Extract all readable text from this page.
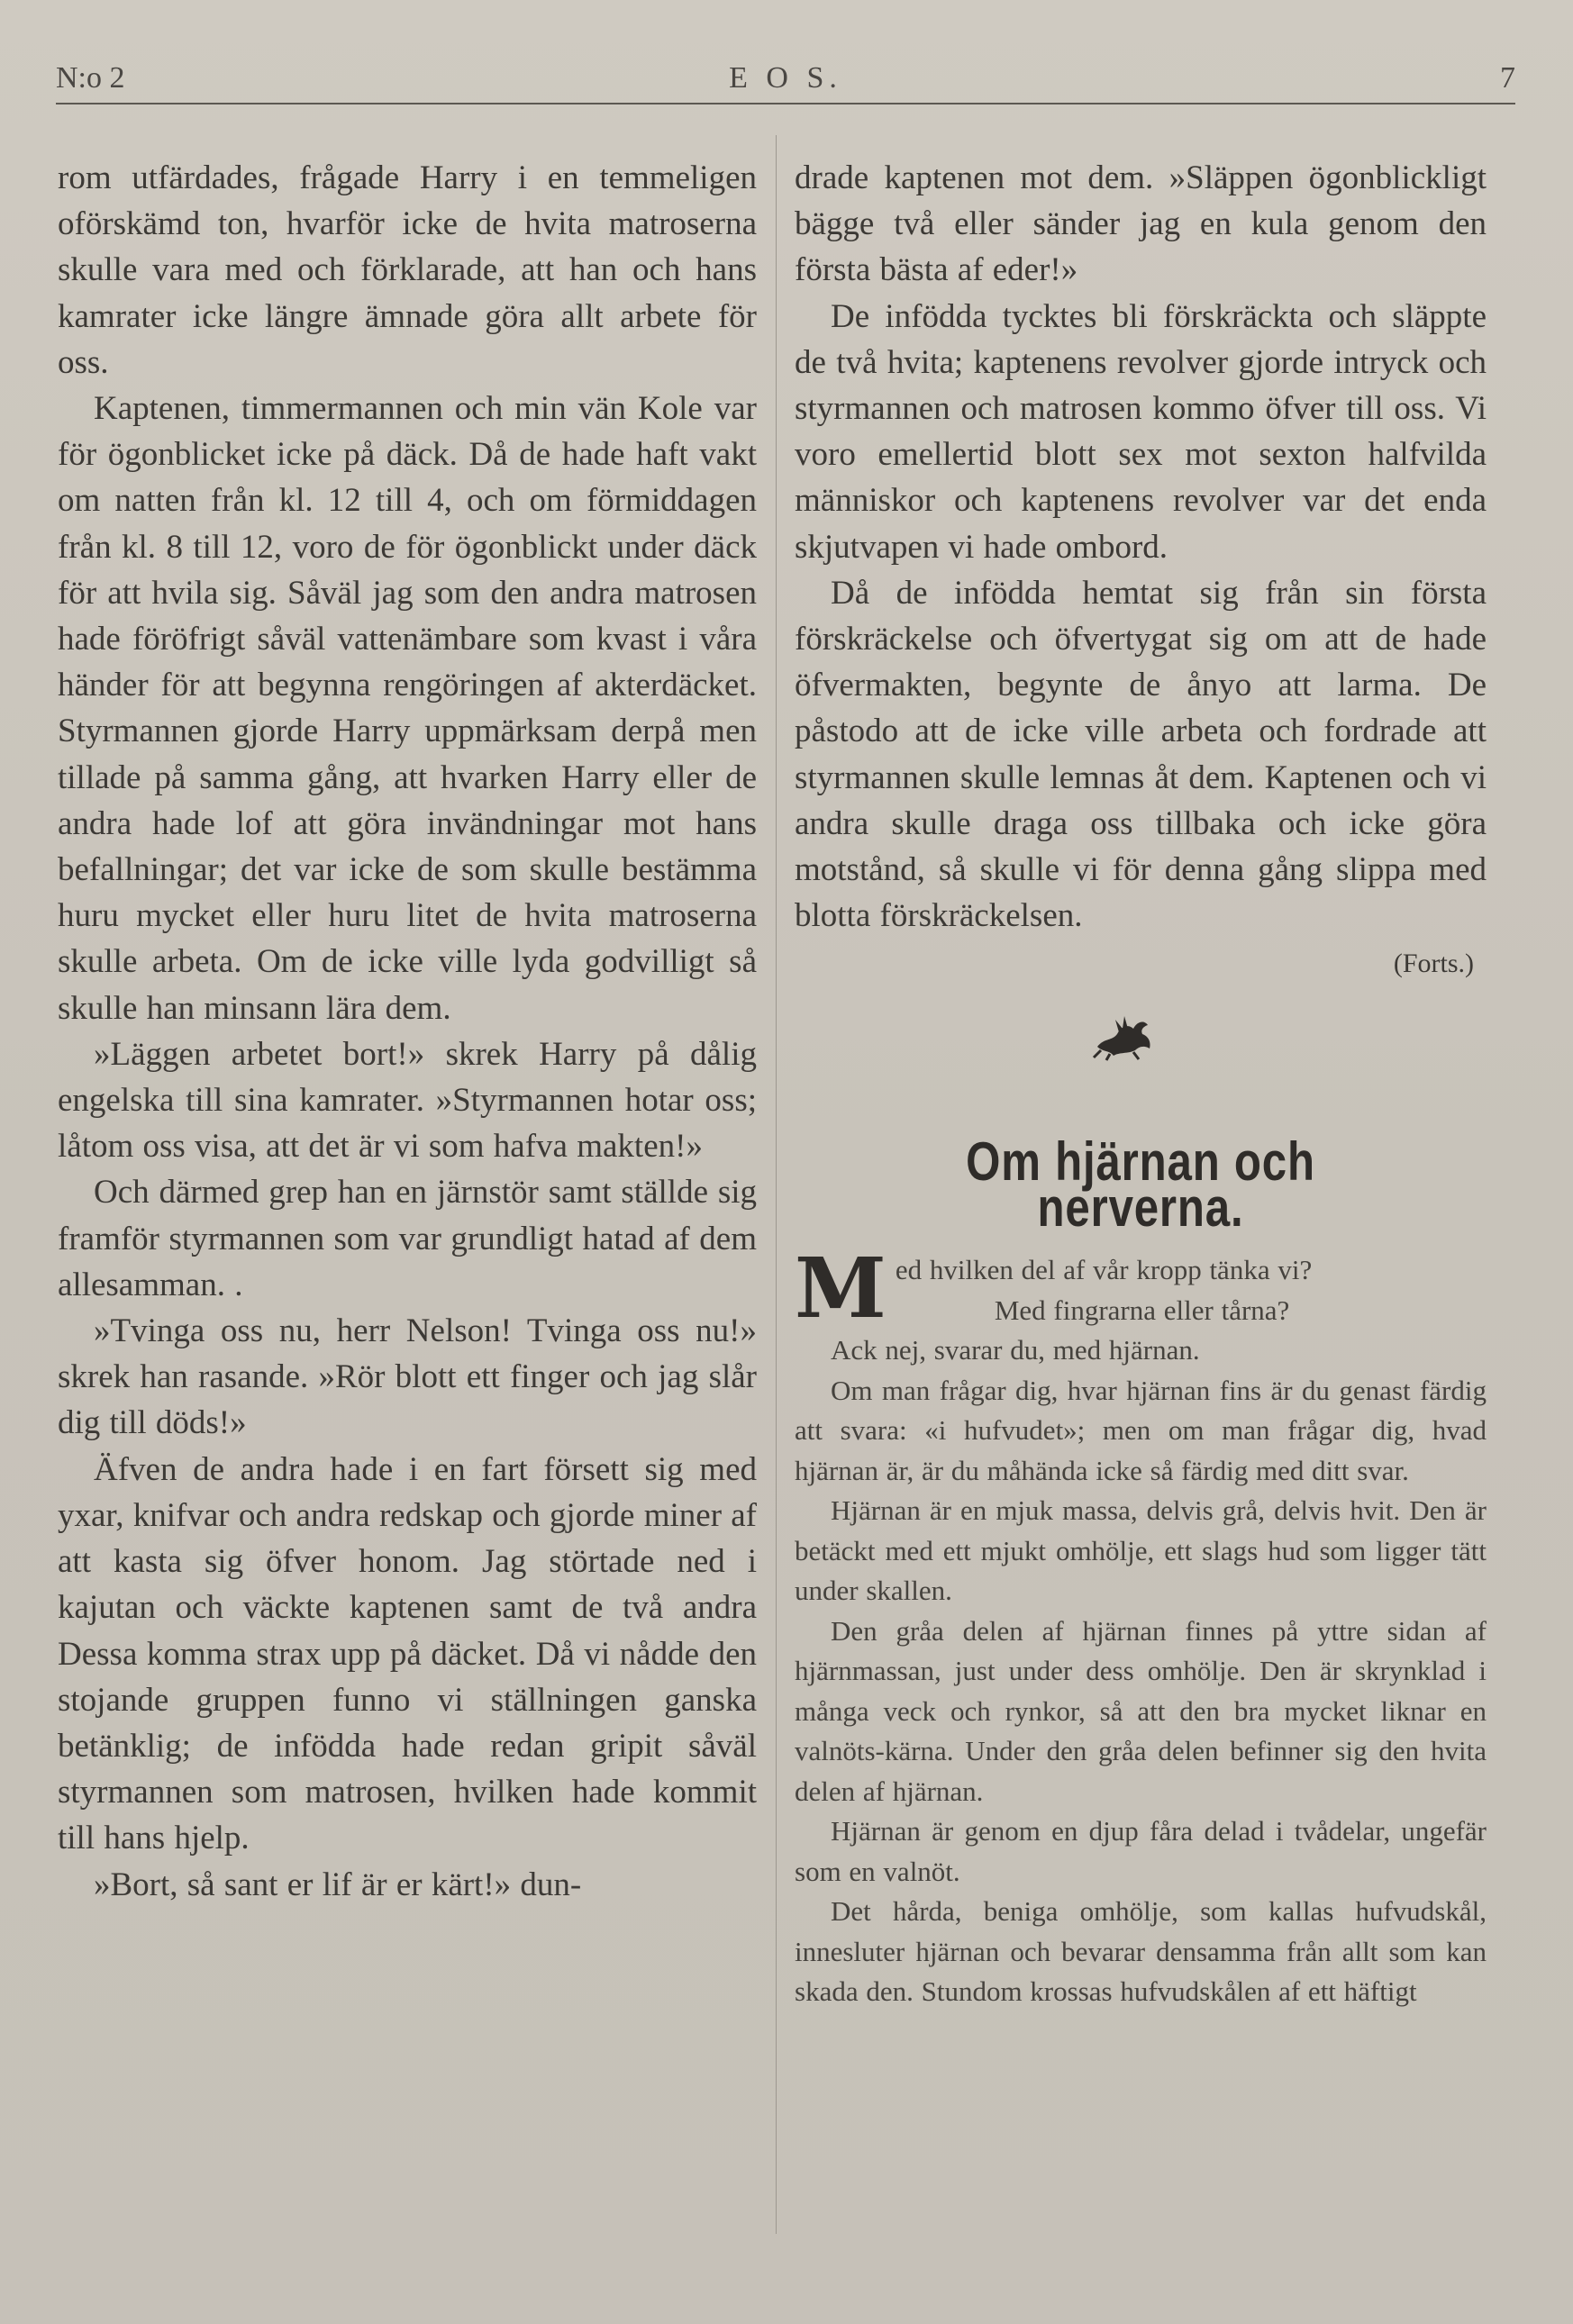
N:o 2	E O S.	7

rom utfärdades, frågade Harry i en temmeligen oförskämd ton, hvarför icke de hvita matroserna skulle vara med och förklarade, att han och hans kamrater icke längre ämnade göra allt arbete för oss.

Kaptenen, timmermannen och min vän Kole var för ögonblicket icke på däck. Då de hade haft vakt om natten från kl. 12 till 4, och om förmiddagen från kl. 8 till 12, voro de för ögonblickt under däck för att hvila sig. Såväl jag som den andra matrosen hade föröfrigt såväl vattenämbare som kvast i våra händer för att begynna rengöringen af akterdäcket. Styrmannen gjorde Harry uppmärksam derpå men tillade på samma gång, att hvarken Harry eller de andra hade lof att göra invändningar mot hans befallningar; det var icke de som skulle bestämma huru mycket eller huru litet de hvita matroserna skulle arbeta. Om de icke ville lyda godvilligt så skulle han minsann lära dem.

»Läggen arbetet bort!» skrek Harry på dålig engelska till sina kamrater. »Styrmannen hotar oss; låtom oss visa, att det är vi som hafva makten!»

Och därmed grep han en järnstör samt ställde sig framför styrmannen som var grundligt hatad af dem allesamman. .

»Tvinga oss nu, herr Nelson! Tvinga oss nu!» skrek han rasande. »Rör blott ett finger och jag slår dig till döds!»

Äfven de andra hade i en fart försett sig med yxar, knifvar och andra redskap och gjorde miner af att kasta sig öfver honom. Jag störtade ned i kajutan och väckte kaptenen samt de två andra Dessa komma strax upp på däcket. Då vi nådde den stojande gruppen funno vi ställningen ganska betänklig; de infödda hade redan gripit såväl styrmannen som matrosen, hvilken hade kommit till hans hjelp.

»Bort, så sant er lif är er kärt!» dun-

drade kaptenen mot dem. »Släppen ögonblickligt bägge två eller sänder jag en kula genom den första bästa af eder!»

De infödda tycktes bli förskräckta och släppte de två hvita; kaptenens revolver gjorde intryck och styrmannen och matrosen kommo öfver till oss. Vi voro emellertid blott sex mot sexton halfvilda människor och kaptenens revolver var det enda skjutvapen vi hade ombord.

Då de infödda hemtat sig från sin första förskräckelse och öfvertygat sig om att de hade öfvermakten, begynte de ånyo att larma. De påstodo att de icke ville arbeta och fordrade att styrmannen skulle lemnas åt dem. Kaptenen och vi andra skulle draga oss tillbaka och icke göra motstånd, så skulle vi för denna gång slippa med blotta förskräckelsen.

(Forts.)
Om hjärnan och nerverna.

Med hvilken del af vår kropp tänka vi?

Med fingrarna eller tårna?

Ack nej, svarar du, med hjärnan.

Om man frågar dig, hvar hjärnan fins är du genast färdig att svara: «i hufvudet»; men om man frågar dig, hvad hjärnan är, är du måhända icke så färdig med ditt svar.

Hjärnan är en mjuk massa, delvis grå, delvis hvit. Den är betäckt med ett mjukt omhölje, ett slags hud som ligger tätt under skallen.

Den gråa delen af hjärnan finnes på yttre sidan af hjärnmassan, just under dess omhölje. Den är skrynklad i många veck och rynkor, så att den bra mycket liknar en valnöts-kärna. Under den gråa delen befinner sig den hvita delen af hjärnan.

Hjärnan är genom en djup fåra delad i tvådelar, ungefär som en valnöt.

Det hårda, beniga omhölje, som kallas hufvudskål, innesluter hjärnan och bevarar densamma från allt som kan skada den. Stundom krossas hufvudskålen af ett häftigt
